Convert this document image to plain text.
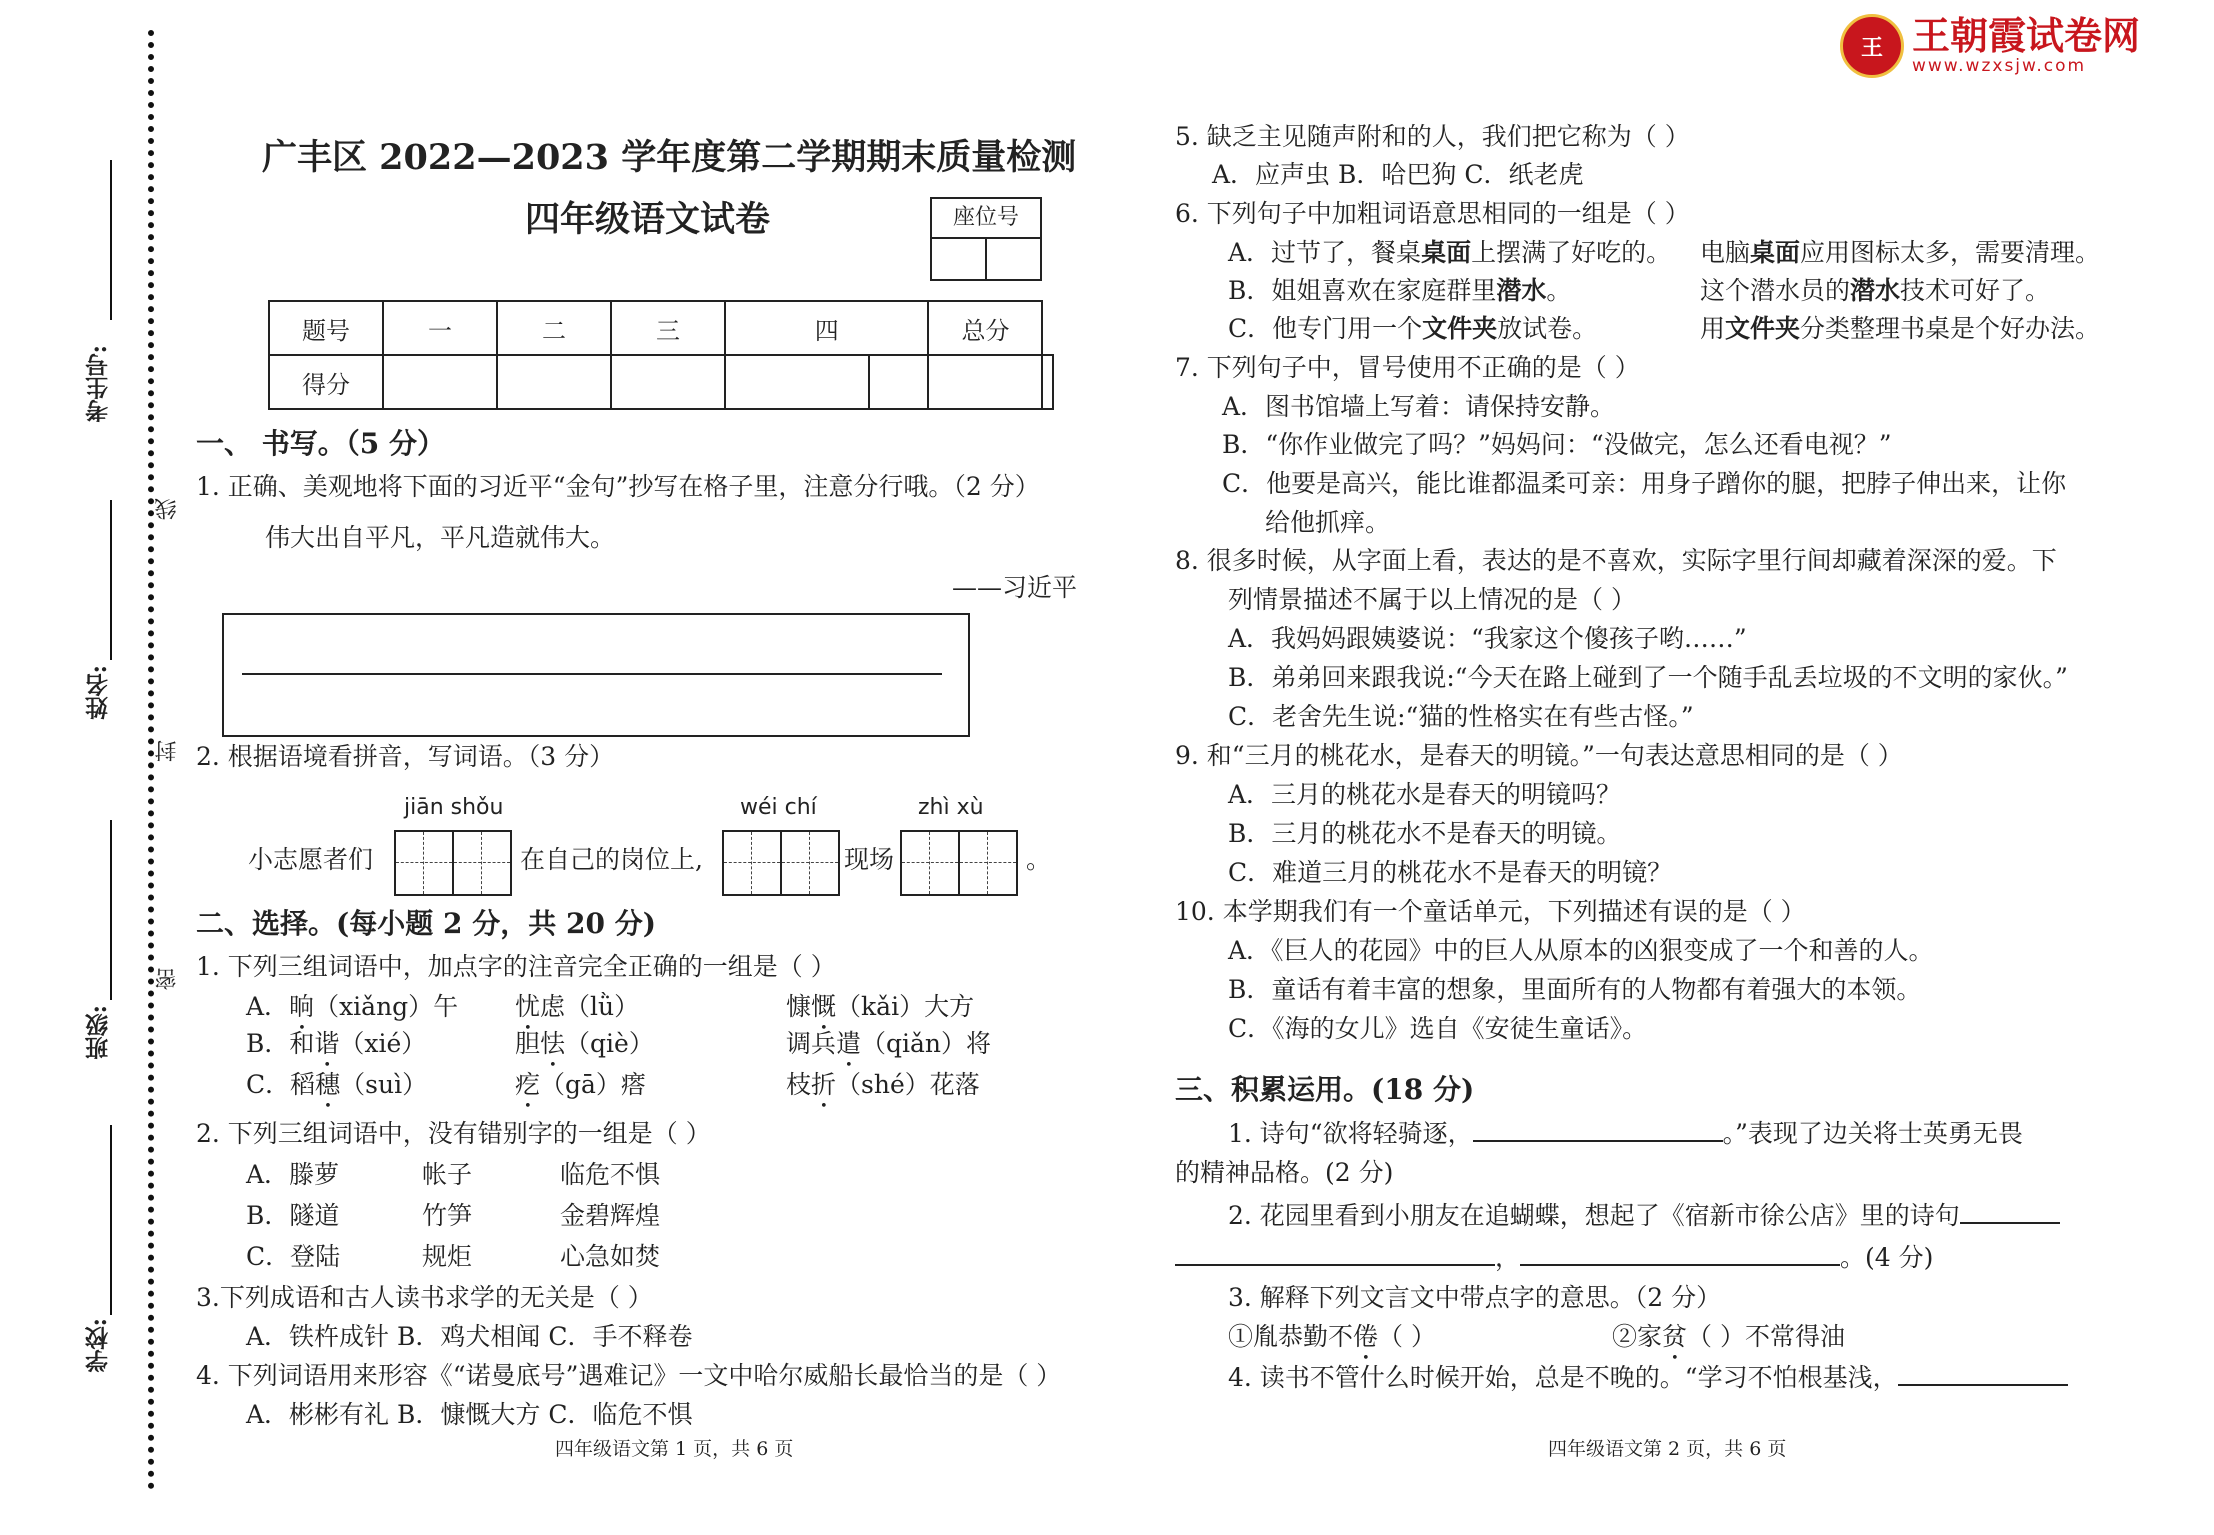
王 王朝霞试卷网
www.wzxsjw.com
考生号:
姓名:
班级:
学校:
线
封
密
广丰区 2022—2023 学年度第二学期期末质量检测
四年级语文试卷	座位号
题号	一	二	三	四		总分	
得分							
一、 书写。（5 分）
1. 正确、美观地将下面的习近平“金句”抄写在格子里，注意分行哦。（2 分）
伟大出自平凡，平凡造就伟大。
——习近平
2. 根据语境看拼音，写词语。（3 分）
jiān shǒu	wéi chí	zhì xù
小志愿者们	在自己的岗位上,	现场	。
二、选择。(每小题 2 分，共 20 分)
1. 下列三组词语中，加点字的注音完全正确的一组是（ ）
A．晌（xiǎng）午 忧虑（lǜ）	慷慨（kǎi）大方
B．和谐（xié）	胆怯（qiè）	调兵遣（qiǎn）将
C．稻穗（suì）	疙（gā）瘩	枝折（shé）花落
2. 下列三组词语中，没有错别字的一组是（ ）
A．滕萝	帐子	临危不惧
B．隧道	竹笋	金碧辉煌
C．登陆	规炬	心急如焚
3.下列成语和古人读书求学的无关是（ ）
A．铁杵成针 B．鸡犬相闻 C．手不释卷
4. 下列词语用来形容《“诺曼底号”遇难记》一文中哈尔威船长最恰当的是（ ）
A．彬彬有礼 B．慷慨大方 C．临危不惧
四年级语文第 1 页，共 6 页
5. 缺乏主见随声附和的人，我们把它称为（ ）
A．应声虫 B．哈巴狗 C．纸老虎
6. 下列句子中加粗词语意思相同的一组是（ ）
A．过节了，餐桌桌面上摆满了好吃的。 电脑桌面应用图标太多，需要清理。
B．姐姐喜欢在家庭群里潜水。	这个潜水员的潜水技术可好了。
C．他专门用一个文件夹放试卷。	用文件夹分类整理书桌是个好办法。
7. 下列句子中，冒号使用不正确的是（ ）
A．图书馆墙上写着：请保持安静。
B．“你作业做完了吗？”妈妈问：“没做完，怎么还看电视？”
C．他要是高兴，能比谁都温柔可亲：用身子蹭你的腿，把脖子伸出来，让你
给他抓痒。
8. 很多时候，从字面上看，表达的是不喜欢，实际字里行间却藏着深深的爱。下
列情景描述不属于以上情况的是（ ）
A．我妈妈跟姨婆说：“我家这个傻孩子哟……”
B．弟弟回来跟我说:“今天在路上碰到了一个随手乱丢垃圾的不文明的家伙。”
C．老舍先生说:“猫的性格实在有些古怪。”
9. 和“三月的桃花水，是春天的明镜。”一句表达意思相同的是（ ）
A．三月的桃花水是春天的明镜吗？
B．三月的桃花水不是春天的明镜。
C．难道三月的桃花水不是春天的明镜？
10. 本学期我们有一个童话单元，下列描述有误的是（ ）
A．《巨人的花园》中的巨人从原本的凶狠变成了一个和善的人。
B．童话有着丰富的想象，里面所有的人物都有着强大的本领。
C．《海的女儿》选自《安徒生童话》。
三、积累运用。(18 分)
1. 诗句“欲将轻骑逐，	。”表现了边关将士英勇无畏
的精神品格。(2 分)
2. 花园里看到小朋友在追蝴蝶，想起了《宿新市徐公店》里的诗句
，	。(4 分)
3. 解释下列文言文中带点字的意思。（2 分）
①胤恭勤不倦（ ）	②家贫（ ）不常得油
4. 读书不管什么时候开始，总是不晚的。“学习不怕根基浅，
四年级语文第 2 页，共 6 页
